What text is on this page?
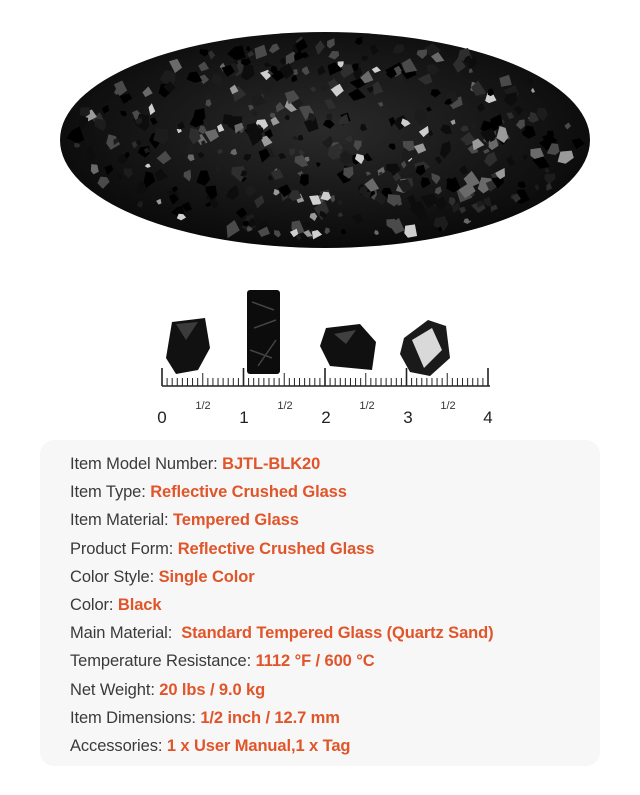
0	1	2	3	4
1/2	1/2	1/2	1/2
Item Model Number: BJTL-BLK20
Item Type: Reflective Crushed Glass
Item Material: Tempered Glass
Product Form: Reflective Crushed Glass
Color Style: Single Color
Color: Black
Main Material:  Standard Tempered Glass (Quartz Sand)
Temperature Resistance: 1112 °F / 600 °C
Net Weight: 20 lbs / 9.0 kg
Item Dimensions: 1/2 inch / 12.7 mm
Accessories: 1 x User Manual,1 x Tag
